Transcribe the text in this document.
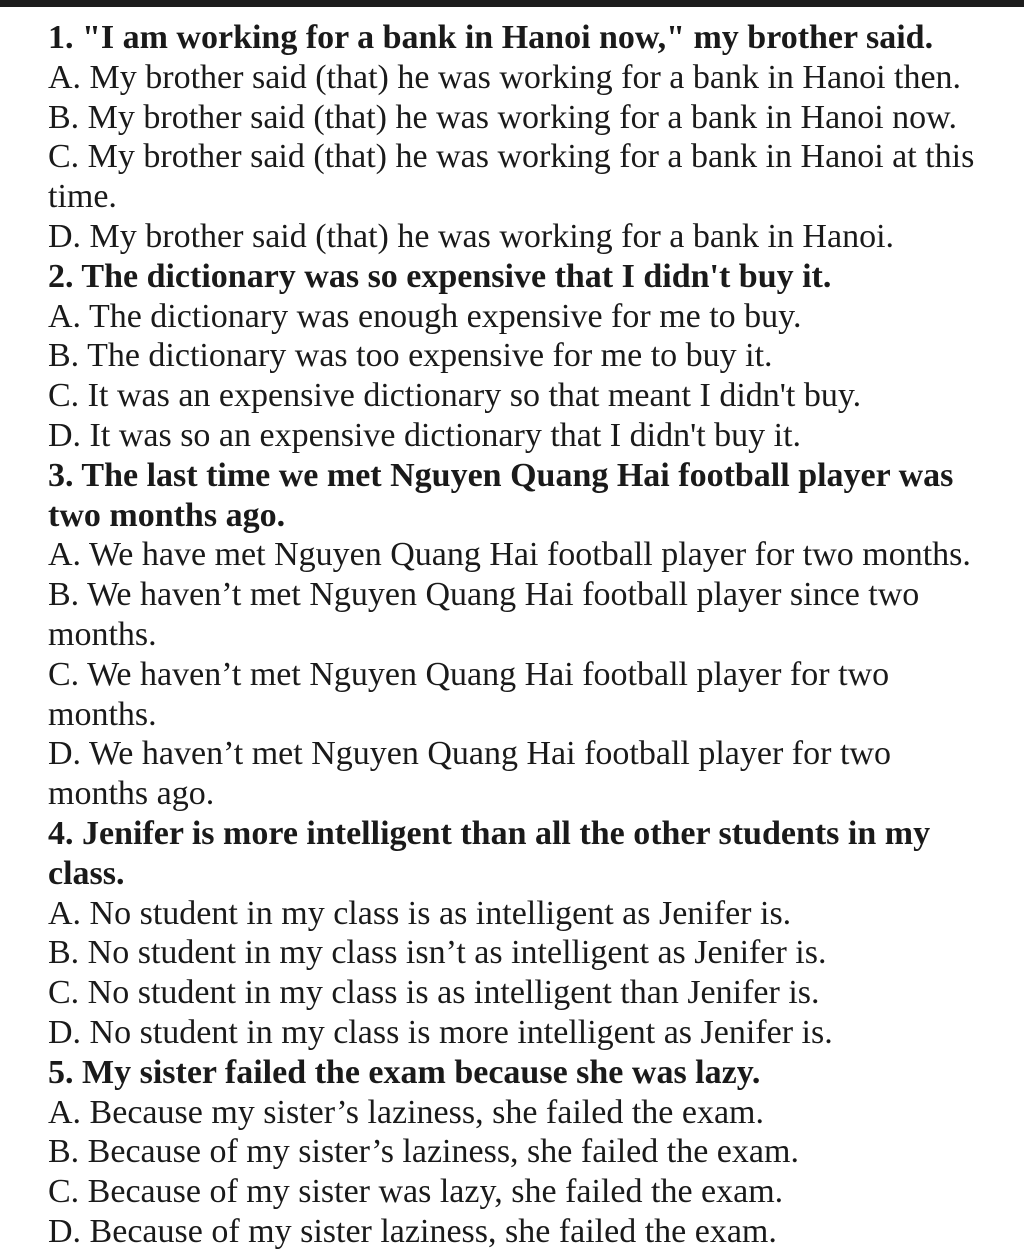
1. "I am working for a bank in Hanoi now," my brother said.

A. My brother said (that) he was working for a bank in Hanoi then.

B. My brother said (that) he was working for a bank in Hanoi now.

C. My brother said (that) he was working for a bank in Hanoi at this time.

D. My brother said (that) he was working for a bank in Hanoi.

2. The dictionary was so expensive that I didn't buy it.

A. The dictionary was enough expensive for me to buy.

B. The dictionary was too expensive for me to buy it.

C. It was an expensive dictionary so that meant I didn't buy.

D. It was so an expensive dictionary that I didn't buy it.

3. The last time we met Nguyen Quang Hai football player was two months ago.

A. We have met Nguyen Quang Hai football player for two months.

B. We haven’t met Nguyen Quang Hai football player since two months.

C. We haven’t met Nguyen Quang Hai football player for two months.

D. We haven’t met Nguyen Quang Hai football player for two months ago.

4. Jenifer is more intelligent than all the other students in my class.

A. No student in my class is as intelligent as Jenifer is.

B. No student in my class isn’t as intelligent as Jenifer is.

C. No student in my class is as intelligent than Jenifer is.

D. No student in my class is more intelligent as Jenifer is.

5. My sister failed the exam because she was lazy.

A. Because my sister’s laziness, she failed the exam.

B. Because of my sister’s laziness, she failed the exam.

C. Because of my sister was lazy, she failed the exam.

D. Because of my sister laziness, she failed the exam.
